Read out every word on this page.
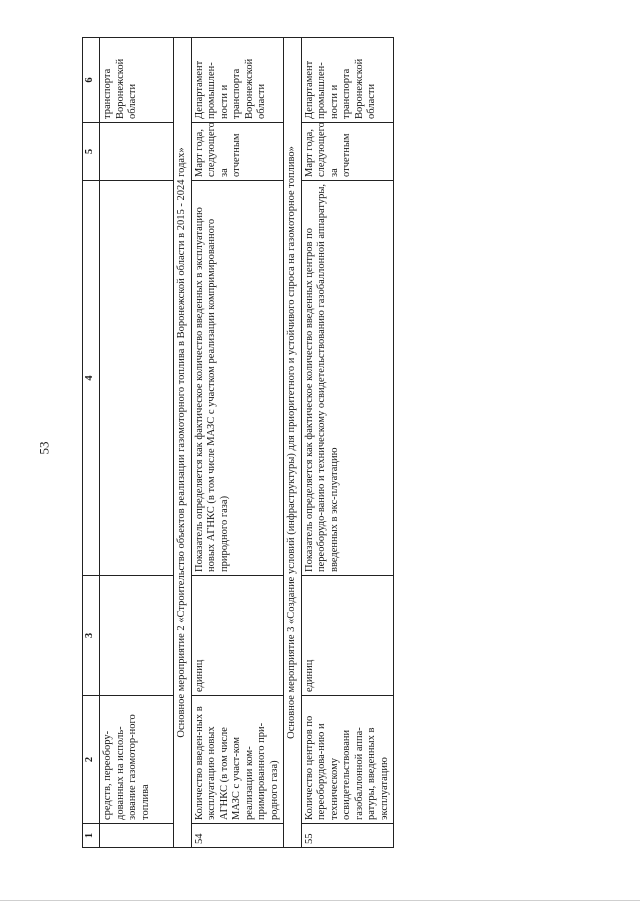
53
1	2	3	4	5	6
	средств, переобору-дованных на исполь-зование газомотор-ного топлива				транспорта Воронежской области
Основное мероприятие 2 «Строительство объектов реализации газомоторного топлива в Воронежской области в 2015 - 2024 годах»					
54	Количество введен-ных в эксплуатацию новых АГНКС (в том числе МАЗС с участ-ком реализации ком-примированного при-родного газа)	единиц	Показатель определяется как фактическое количество введенных в эксплуатацию новых АГНКС (в том числе МАЗС с участком реализации компримированного природного газа)	Март года, следующего за отчетным	Департамент промышлен-ности и транспорта Воронежской области
Основное мероприятие 3 «Создание условий (инфраструктуры) для приоритетного и устойчивого спроса на газомоторное топливо»					
55	Количество центров по переоборудова-нию и техническому освидетельствовани газобаллонной аппа-ратуры, введенных в эксплуатацию	единиц	Показатель определяется как фактическое количество введенных центров по переоборудо-ванию и техническому освидетельствованию газобаллонной аппаратуры, введенных в экс-плуатацию	Март года, следующего за отчетным	Департамент промышлен-ности и транспорта Воронежской области
